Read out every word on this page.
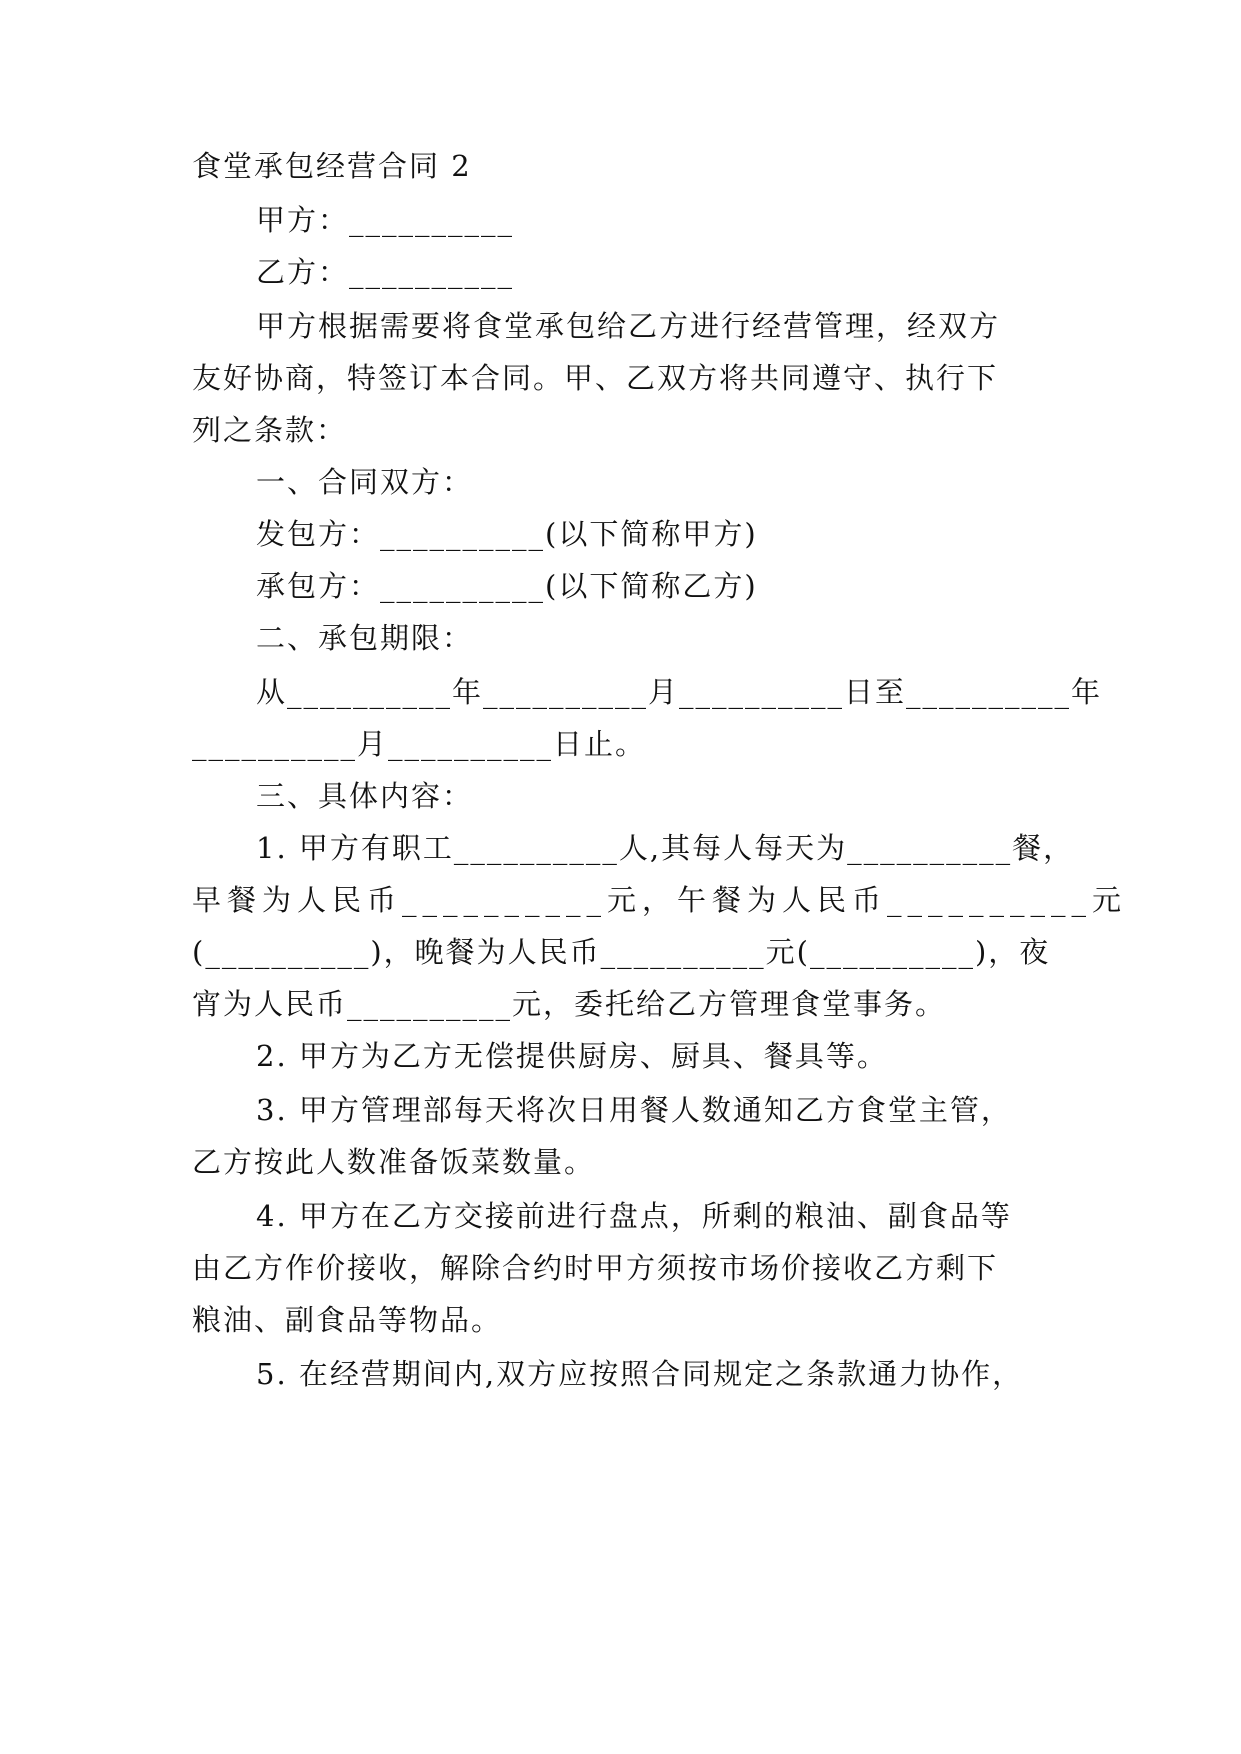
食堂承包经营合同 2
甲方：__________
乙方：__________
甲方根据需要将食堂承包给乙方进行经营管理，经双方
友好协商，特签订本合同。甲、乙双方将共同遵守、执行下
列之条款：
一、合同双方：
发包方：__________(以下简称甲方)
承包方：__________(以下简称乙方)
二、承包期限：
从__________年__________月__________日至__________年
__________月__________日止。
三、具体内容：
1. 甲方有职工__________人,其每人每天为__________餐，
早餐为人民币__________元，午餐为人民币__________元
(__________)，晚餐为人民币__________元(__________)，夜
宵为人民币__________元，委托给乙方管理食堂事务。
2. 甲方为乙方无偿提供厨房、厨具、餐具等。
3. 甲方管理部每天将次日用餐人数通知乙方食堂主管，
乙方按此人数准备饭菜数量。
4. 甲方在乙方交接前进行盘点，所剩的粮油、副食品等
由乙方作价接收，解除合约时甲方须按市场价接收乙方剩下
粮油、副食品等物品。
5. 在经营期间内,双方应按照合同规定之条款通力协作，
